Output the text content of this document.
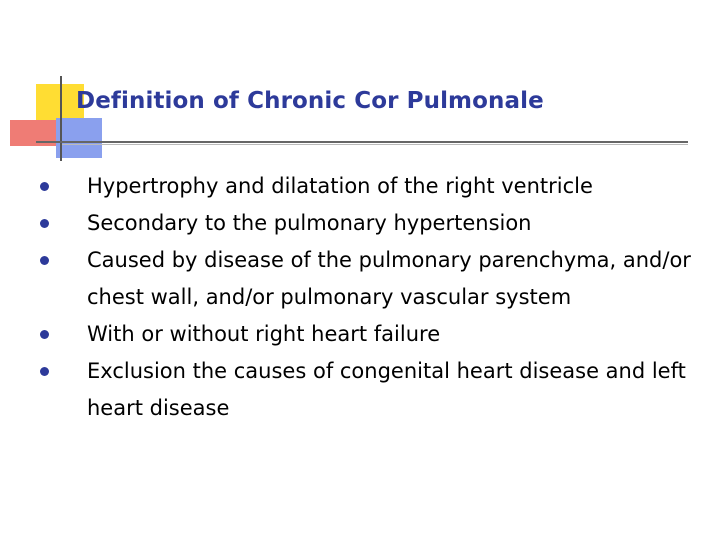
Definition of Chronic Cor Pulmonale
Hypertrophy and dilatation of the right ventricle
Secondary to the pulmonary hypertension
Caused by disease of the pulmonary parenchyma, and/or chest wall, and/or pulmonary vascular system
With or without right heart failure
Exclusion the causes of congenital heart disease and left heart disease
